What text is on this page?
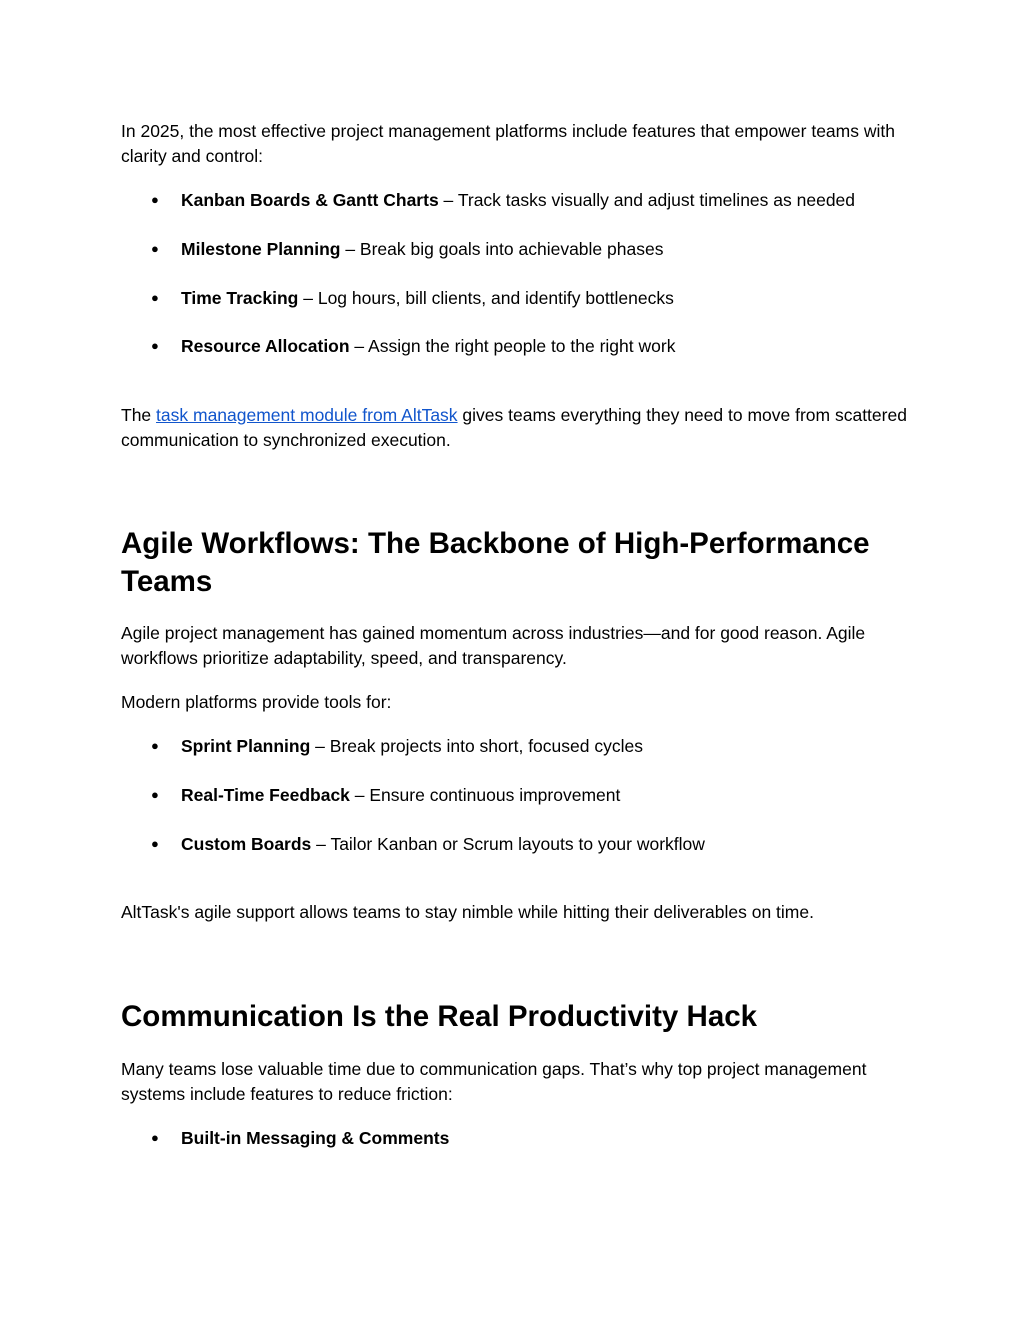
In 2025, the most effective project management platforms include features that empower teams with clarity and control:

● Kanban Boards & Gantt Charts – Track tasks visually and adjust timelines as needed
● Milestone Planning – Break big goals into achievable phases
● Time Tracking – Log hours, bill clients, and identify bottlenecks
● Resource Allocation – Assign the right people to the right work

The task management module from AltTask gives teams everything they need to move from scattered communication to synchronized execution.

Agile Workflows: The Backbone of High-Performance Teams

Agile project management has gained momentum across industries—and for good reason. Agile workflows prioritize adaptability, speed, and transparency.

Modern platforms provide tools for:

● Sprint Planning – Break projects into short, focused cycles
● Real-Time Feedback – Ensure continuous improvement
● Custom Boards – Tailor Kanban or Scrum layouts to your workflow

AltTask's agile support allows teams to stay nimble while hitting their deliverables on time.

Communication Is the Real Productivity Hack

Many teams lose valuable time due to communication gaps. That’s why top project management systems include features to reduce friction:

● Built-in Messaging & Comments
